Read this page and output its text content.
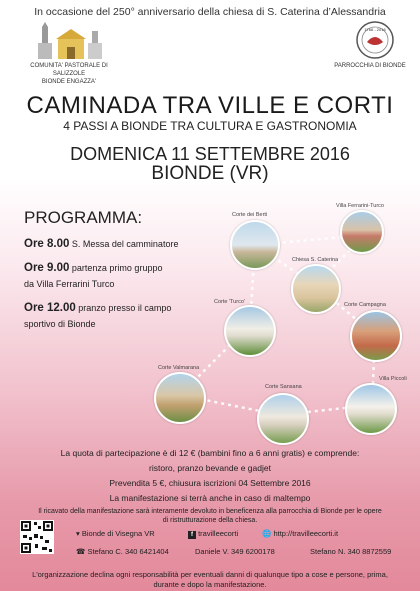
In occasione del 250° anniversario della chiesa di S. Caterina d’Alessandria
COMUNITA' PASTORALE DI SALIZZOLE
BIONDE ENGAZZA'
1766 - 2016
PARROCCHIA DI BIONDE
CAMINADA TRA VILLE E CORTI
4 PASSI A BIONDE TRA CULTURA E GASTRONOMIA
DOMENICA 11 SETTEMBRE 2016
BIONDE (VR)
PROGRAMMA:
Ore 8.00 S. Messa del camminatore
Ore 9.00 partenza primo gruppo
da Villa Ferrarini Turco
Ore 12.00 pranzo presso il campo
sportivo di Bionde
Corte dei Berti
Villa Ferrarini-Turco
Chiesa S. Caterina
Corte 'Turco'	Corte Campagna
Corte Valmarana
Villa Piccoli
Corte Sansana
La quota di partecipazione è di 12 € (bambini fino a 6 anni gratis) e comprende:
ristoro, pranzo bevande e gadjet
Prevendita 5 €, chiusura iscrizioni 04 Settembre 2016
La manifestazione si terrà anche in caso di maltempo
Il ricavato della manifestazione sarà interamente devoluto in beneficenza alla parrocchia di Bionde per le opere
di ristrutturazione della chiesa.
▾ Bionde di Visegna VR	f travilleecorti	🌐 http://travilleecorti.it
☎ Stefano C. 340 6421404	Daniele V. 349 6200178	Stefano N. 340 8872559
L'organizzazione declina ogni responsabilità per eventuali danni di qualunque tipo a cose e persone, prima,
durante e dopo la manifestazione.
